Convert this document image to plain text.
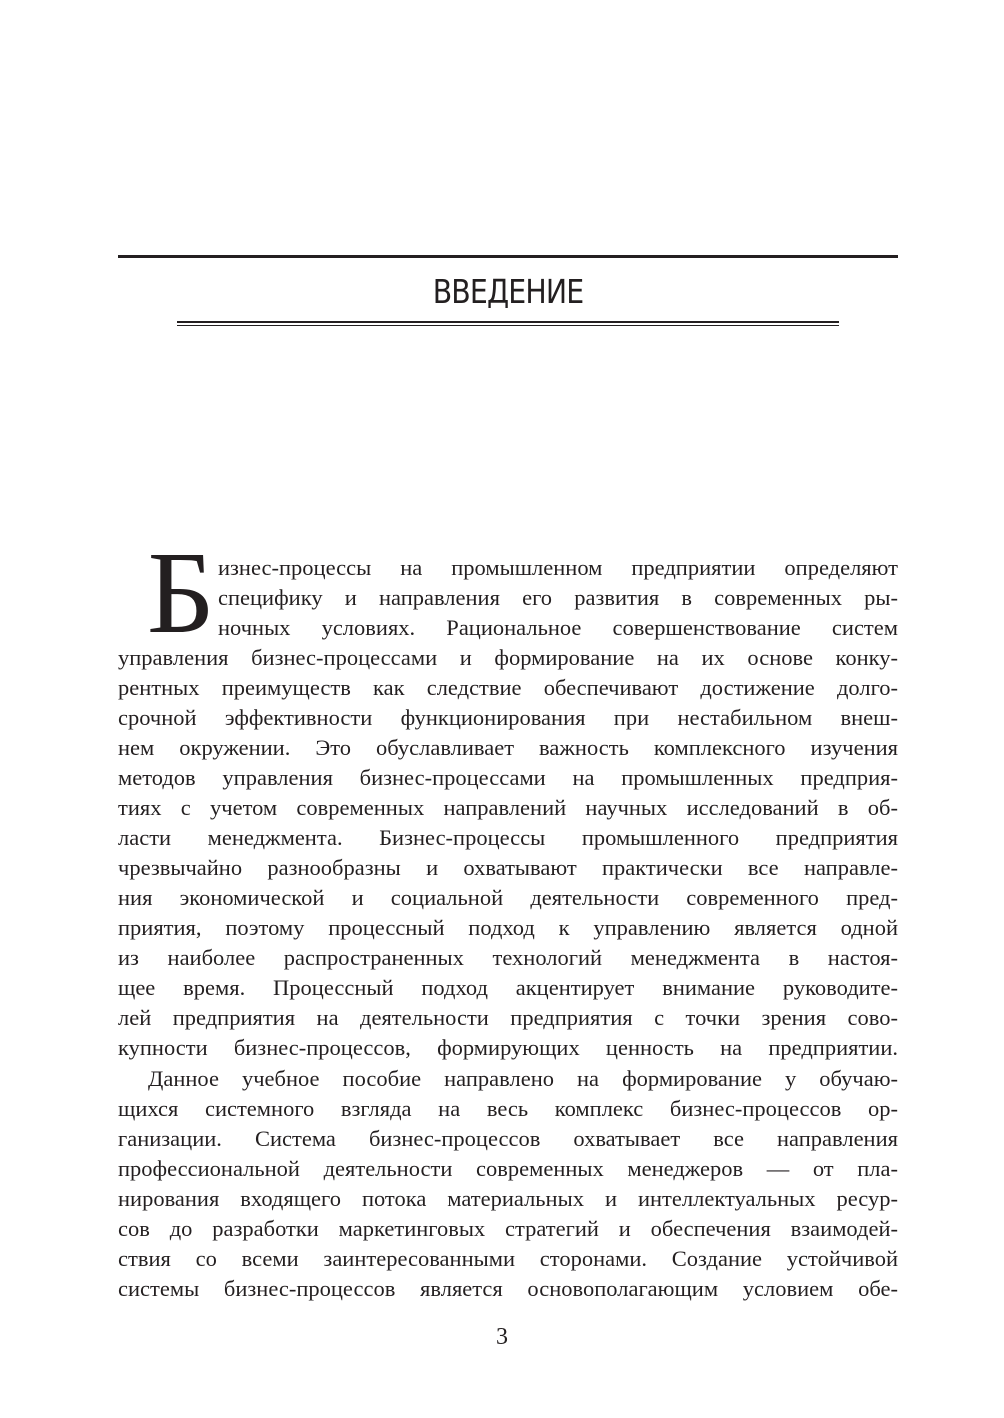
ВВЕДЕНИЕ
Б изнес-процессы на промышленном предприятии определяют
специфику и направления его развития в современных ры-
ночных условиях. Рациональное совершенствование систем
управления бизнес-процессами и формирование на их основе конку-
рентных преимуществ как следствие обеспечивают достижение долго-
срочной эффективности функционирования при нестабильном внеш-
нем окружении. Это обуславливает важность комплексного изучения
методов управления бизнес-процессами на промышленных предприя-
тиях с учетом современных направлений научных исследований в об-
ласти менеджмента. Бизнес-процессы промышленного предприятия
чрезвычайно разнообразны и охватывают практически все направле-
ния экономической и социальной деятельности современного пред-
приятия, поэтому процессный подход к управлению является одной
из наиболее распространенных технологий менеджмента в настоя-
щее время. Процессный подход акцентирует внимание руководите-
лей предприятия на деятельности предприятия с точки зрения сово-
купности бизнес-процессов, формирующих ценность на предприятии.
Данное учебное пособие направлено на формирование у обучаю-
щихся системного взгляда на весь комплекс бизнес-процессов ор-
ганизации. Система бизнес-процессов охватывает все направления
профессиональной деятельности современных менеджеров — от пла-
нирования входящего потока материальных и интеллектуальных ресур-
сов до разработки маркетинговых стратегий и обеспечения взаимодей-
ствия со всеми заинтересованными сторонами. Создание устойчивой
системы бизнес-процессов является основополагающим условием обе-
3
